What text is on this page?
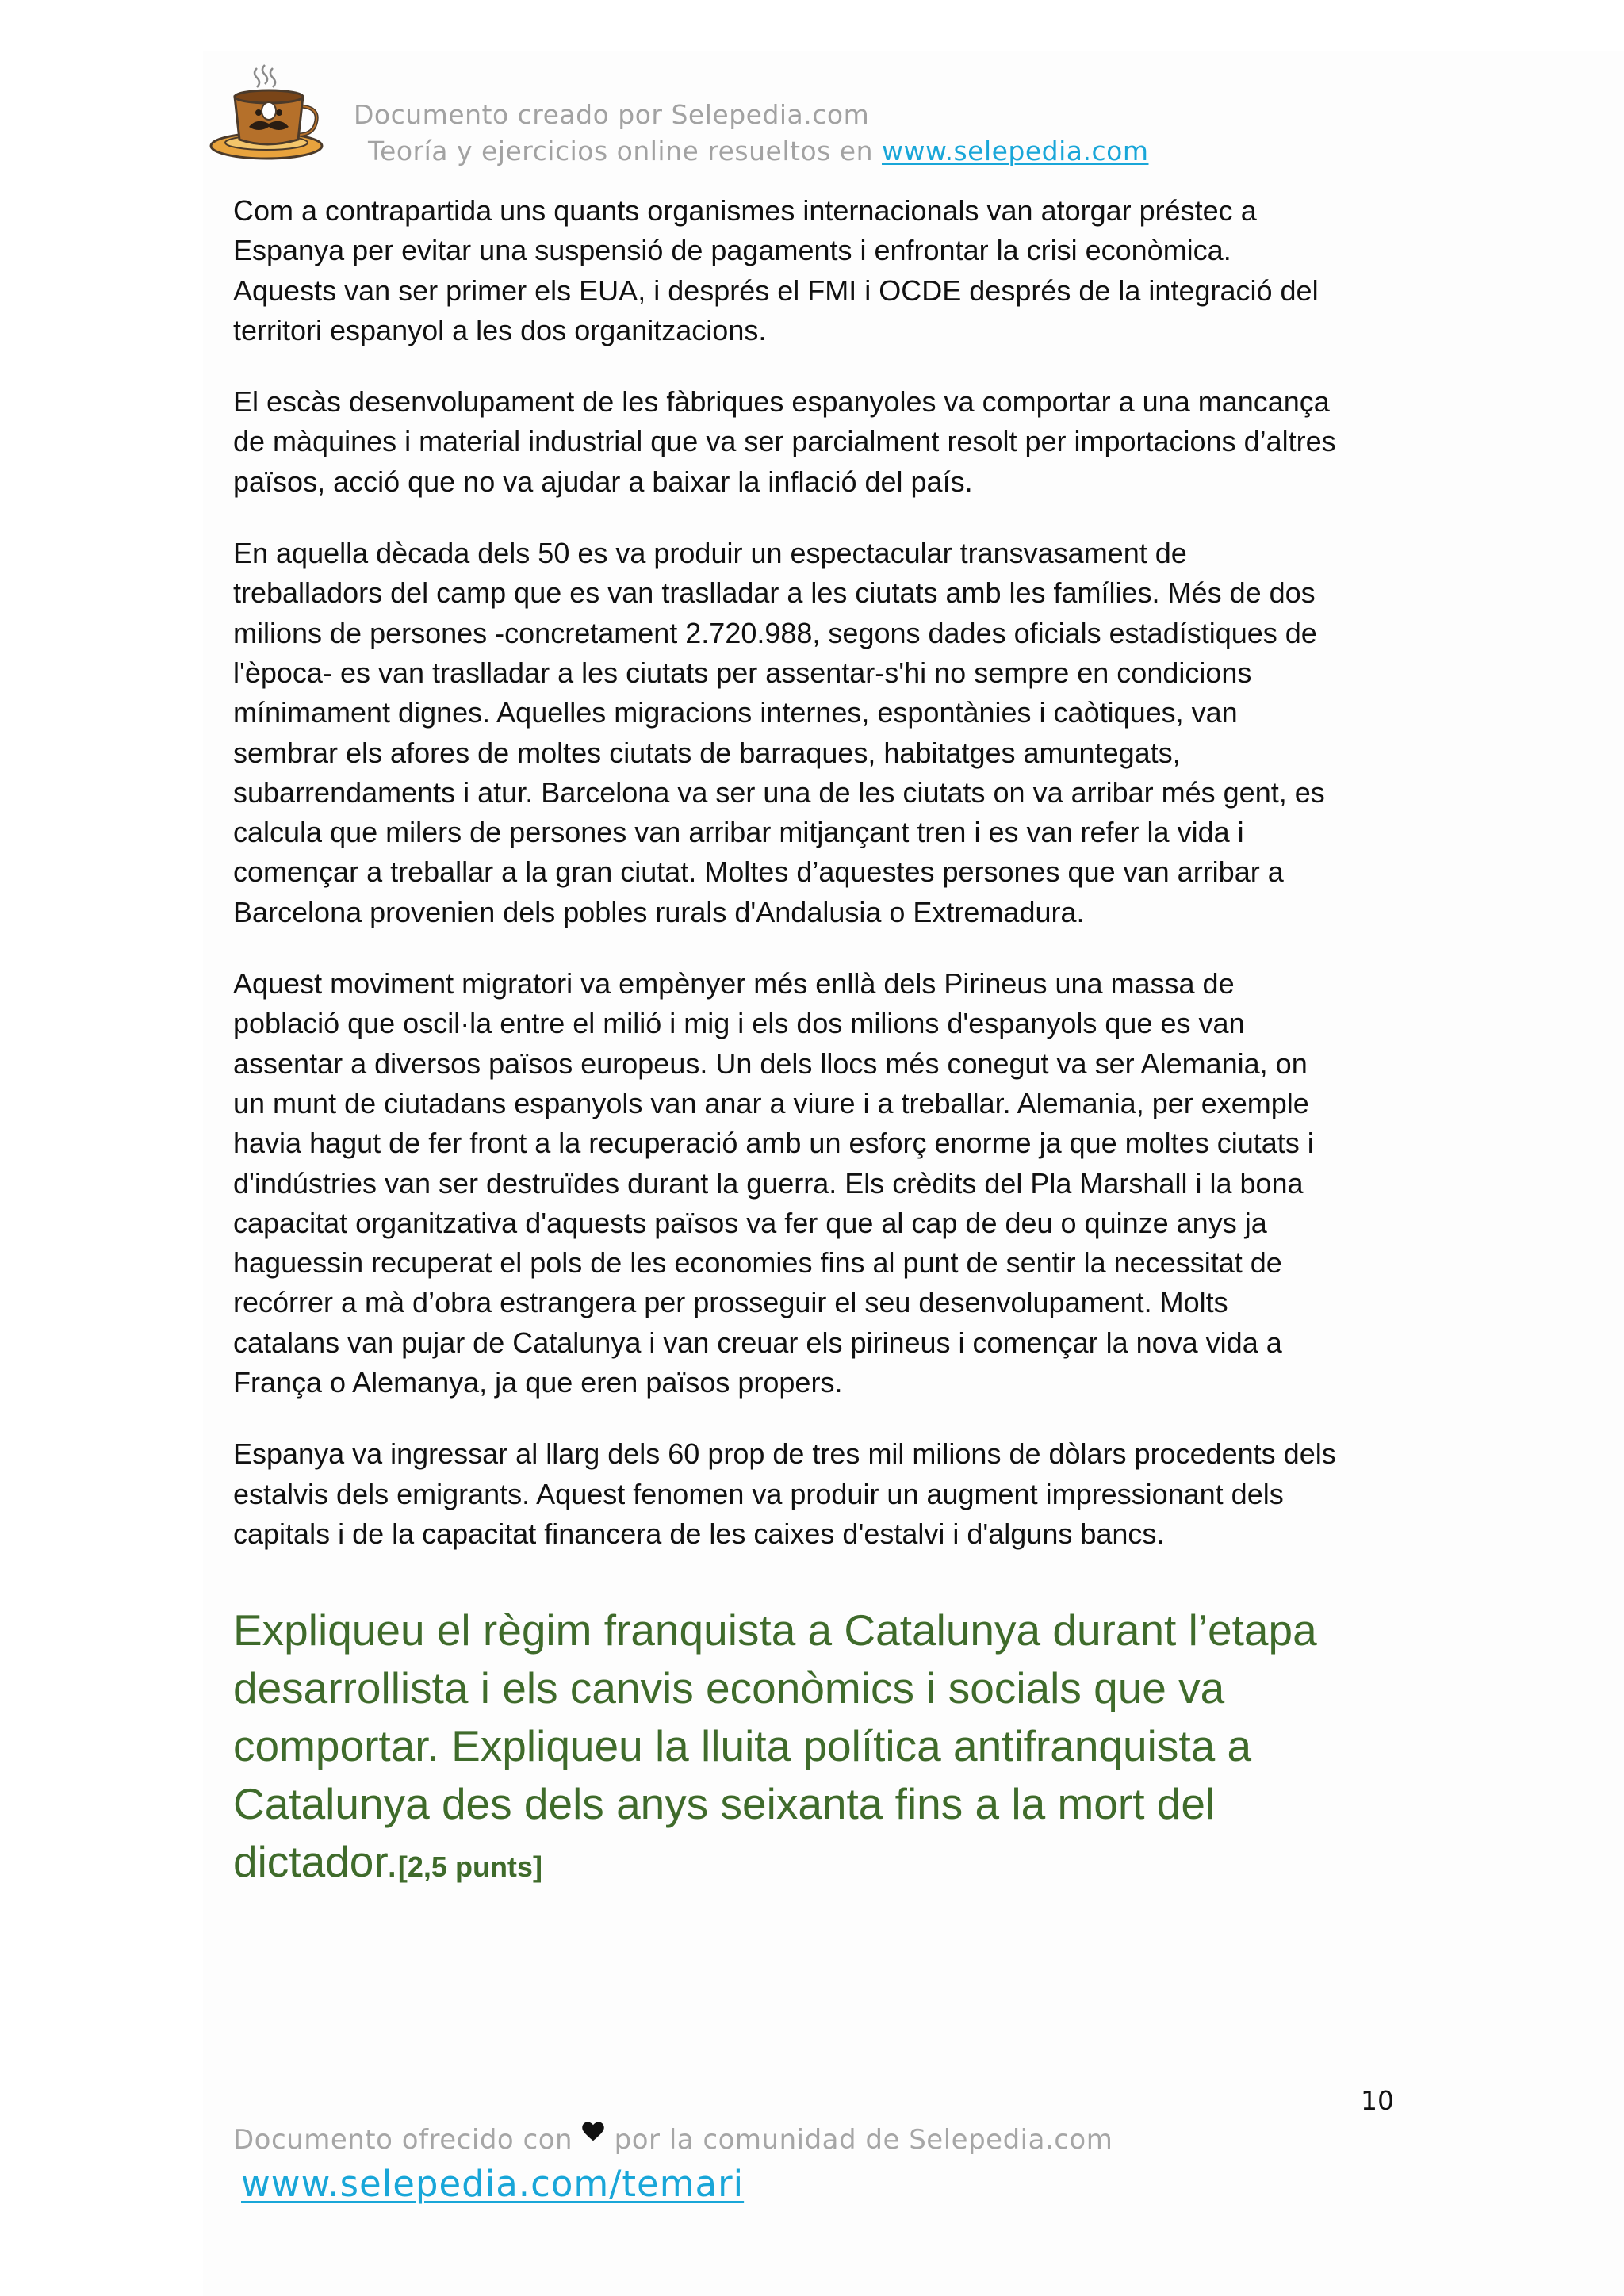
Documento creado por Selepedia.com
Teoría y ejercicios online resueltos en www.selepedia.com
Com a contrapartida uns quants organismes internacionals van atorgar préstec a
Espanya per evitar una suspensió de pagaments i enfrontar la crisi econòmica.
Aquests van ser primer els EUA, i després el FMI i OCDE després de la integració del
territori espanyol a les dos organitzacions.
El escàs desenvolupament de les fàbriques espanyoles va comportar a una mancança
de màquines i material industrial que va ser parcialment resolt per importacions d’altres
països, acció que no va ajudar a baixar la inflació del país.
En aquella dècada dels 50 es va produir un espectacular transvasament de
treballadors del camp que es van traslladar a les ciutats amb les famílies. Més de dos
milions de persones -concretament 2.720.988, segons dades oficials estadístiques de
l'època- es van traslladar a les ciutats per assentar-s'hi no sempre en condicions
mínimament dignes. Aquelles migracions internes, espontànies i caòtiques, van
sembrar els afores de moltes ciutats de barraques, habitatges amuntegats,
subarrendaments i atur. Barcelona va ser una de les ciutats on va arribar més gent, es
calcula que milers de persones van arribar mitjançant tren i es van refer la vida i
començar a treballar a la gran ciutat. Moltes d’aquestes persones que van arribar a
Barcelona provenien dels pobles rurals d'Andalusia o Extremadura.
Aquest moviment migratori va empènyer més enllà dels Pirineus una massa de
població que oscil·la entre el milió i mig i els dos milions d'espanyols que es van
assentar a diversos països europeus. Un dels llocs més conegut va ser Alemania, on
un munt de ciutadans espanyols van anar a viure i a treballar. Alemania, per exemple
havia hagut de fer front a la recuperació amb un esforç enorme ja que moltes ciutats i
d'indústries van ser destruïdes durant la guerra. Els crèdits del Pla Marshall i la bona
capacitat organitzativa d'aquests països va fer que al cap de deu o quinze anys ja
haguessin recuperat el pols de les economies fins al punt de sentir la necessitat de
recórrer a mà d’obra estrangera per prosseguir el seu desenvolupament. Molts
catalans van pujar de Catalunya i van creuar els pirineus i començar la nova vida a
França o Alemanya, ja que eren països propers.
Espanya va ingressar al llarg dels 60 prop de tres mil milions de dòlars procedents dels
estalvis dels emigrants. Aquest fenomen va produir un augment impressionant dels
capitals i de la capacitat financera de les caixes d'estalvi i d'alguns bancs.
Expliqueu el règim franquista a Catalunya durant l’etapa
desarrollista i els canvis econòmics i socials que va
comportar. Expliqueu la lluita política antifranquista a
Catalunya des dels anys seixanta fins a la mort del
dictador.[2,5 punts]
10
Documento ofrecido con  por la comunidad de Selepedia.com
www.selepedia.com/temari
